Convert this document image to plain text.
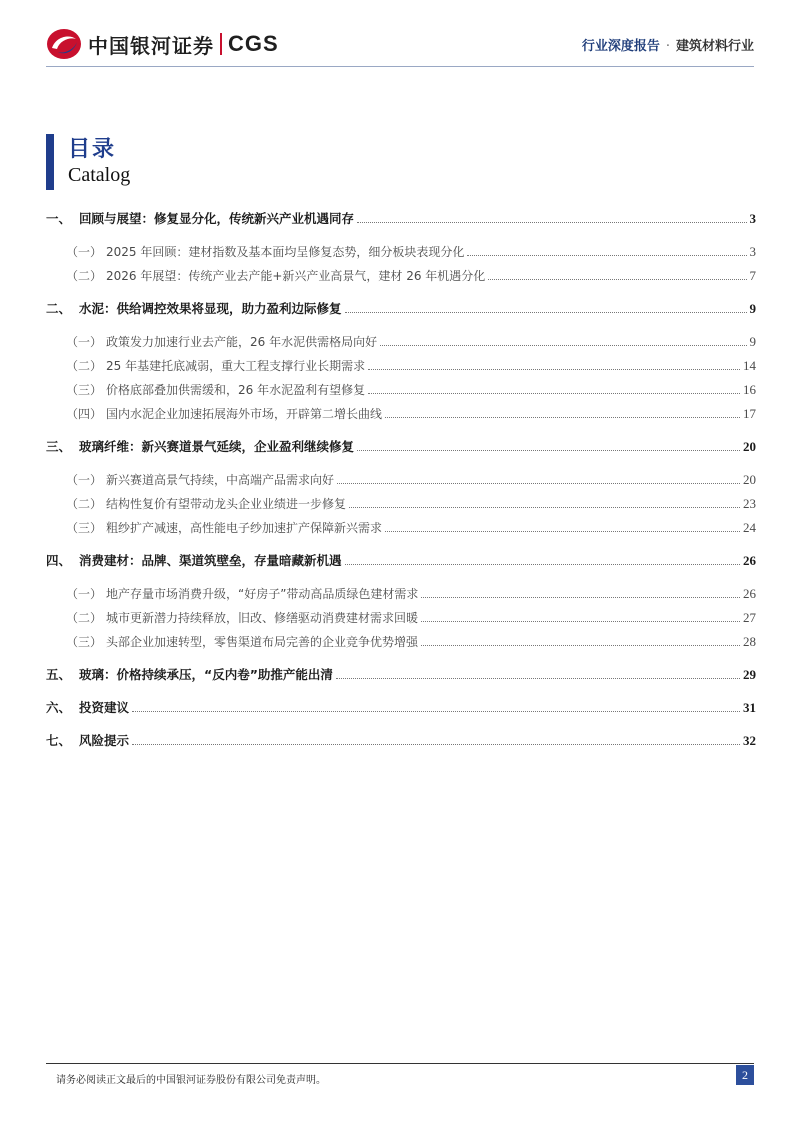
中国银河证券 CGS	行业深度报告 · 建筑材料行业
目录
Catalog
一、 回顾与展望：修复显分化，传统新兴产业机遇同存	3
（一） 2025 年回顾：建材指数及基本面均呈修复态势，细分板块表现分化	3
（二） 2026 年展望：传统产业去产能+新兴产业高景气，建材 26 年机遇分化	7
二、 水泥：供给调控效果将显现，助力盈利边际修复	9
（一） 政策发力加速行业去产能，26 年水泥供需格局向好	9
（二） 25 年基建托底减弱，重大工程支撑行业长期需求	14
（三） 价格底部叠加供需缓和，26 年水泥盈利有望修复	16
（四） 国内水泥企业加速拓展海外市场，开辟第二增长曲线	17
三、 玻璃纤维：新兴赛道景气延续，企业盈利继续修复	20
（一） 新兴赛道高景气持续，中高端产品需求向好	20
（二） 结构性复价有望带动龙头企业业绩进一步修复	23
（三） 粗纱扩产减速，高性能电子纱加速扩产保障新兴需求	24
四、 消费建材：品牌、渠道筑壁垒，存量暗藏新机遇	26
（一） 地产存量市场消费升级，“好房子”带动高品质绿色建材需求	26
（二） 城市更新潜力持续释放，旧改、修缮驱动消费建材需求回暖	27
（三） 头部企业加速转型，零售渠道布局完善的企业竞争优势增强	28
五、 玻璃：价格持续承压，“反内卷”助推产能出清	29
六、 投资建议	31
七、 风险提示	32
请务必阅读正文最后的中国银河证券股份有限公司免责声明。	2
